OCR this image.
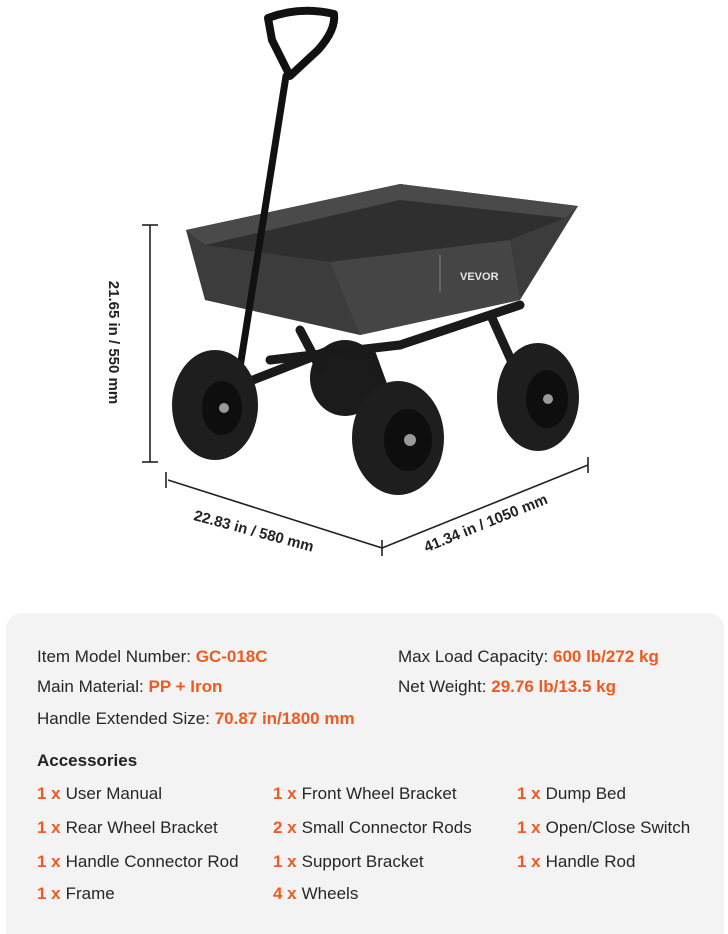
VEVOR
21.65 in / 550 mm
22.83 in / 580 mm	41.34 in / 1050 mm
Item Model Number: GC-018C	Max Load Capacity: 600 lb/272 kg
Main Material: PP + Iron	Net Weight: 29.76 lb/13.5 kg
Handle Extended Size: 70.87 in/1800 mm
Accessories
1 x User Manual	1 x Front Wheel Bracket	1 x Dump Bed
1 x Rear Wheel Bracket	2 x Small Connector Rods	1 x Open/Close Switch
1 x Handle Connector Rod 1 x Support Bracket	1 x Handle Rod
1 x Frame	4 x Wheels
